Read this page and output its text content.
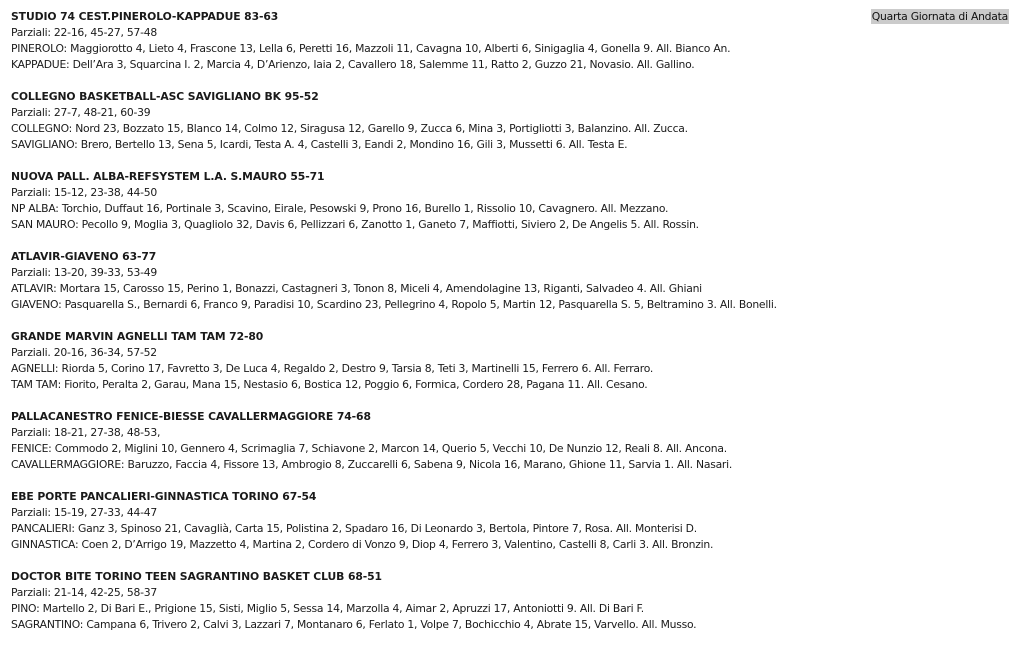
Quarta Giornata di Andata
STUDIO 74 CEST.PINEROLO-KAPPADUE 83-63
Parziali: 22-16, 45-27, 57-48
PINEROLO: Maggiorotto 4, Lieto 4, Frascone 13, Lella 6, Peretti 16, Mazzoli 11, Cavagna 10, Alberti 6, Sinigaglia 4, Gonella 9. All. Bianco An.
KAPPADUE: Dell’Ara 3, Squarcina I. 2, Marcia 4, D’Arienzo, Iaia 2, Cavallero 18, Salemme 11, Ratto 2, Guzzo 21, Novasio. All. Gallino.
COLLEGNO BASKETBALL-ASC SAVIGLIANO BK 95-52
Parziali: 27-7, 48-21, 60-39
COLLEGNO: Nord 23, Bozzato 15, Blanco 14, Colmo 12, Siragusa 12, Garello 9, Zucca 6, Mina 3, Portigliotti 3, Balanzino. All. Zucca.
SAVIGLIANO: Brero, Bertello 13, Sena 5, Icardi, Testa A. 4, Castelli 3, Eandi 2, Mondino 16, Gili 3, Mussetti 6. All. Testa E.
NUOVA PALL. ALBA-REFSYSTEM L.A. S.MAURO 55-71
Parziali: 15-12, 23-38, 44-50
NP ALBA: Torchio, Duffaut 16, Portinale 3, Scavino, Eirale, Pesowski 9, Prono 16, Burello 1, Rissolio 10, Cavagnero. All. Mezzano.
SAN MAURO: Pecollo 9, Moglia 3, Quagliolo 32, Davis 6, Pellizzari 6, Zanotto 1, Ganeto 7, Maffiotti, Siviero 2, De Angelis 5. All. Rossin.
ATLAVIR-GIAVENO 63-77
Parziali: 13-20, 39-33, 53-49
ATLAVIR: Mortara 15, Carosso 15, Perino 1, Bonazzi, Castagneri 3, Tonon 8, Miceli 4, Amendolagine 13, Riganti, Salvadeo 4. All. Ghiani
GIAVENO: Pasquarella S., Bernardi 6, Franco 9, Paradisi 10, Scardino 23, Pellegrino 4, Ropolo 5, Martin 12, Pasquarella S. 5, Beltramino 3. All. Bonelli.
GRANDE MARVIN AGNELLI TAM TAM 72-80
Parziali. 20-16, 36-34, 57-52
AGNELLI: Riorda 5, Corino 17, Favretto 3, De Luca 4, Regaldo 2, Destro 9, Tarsia 8, Teti 3, Martinelli 15, Ferrero 6. All. Ferraro.
TAM TAM: Fiorito, Peralta 2, Garau, Mana 15, Nestasio 6, Bostica 12, Poggio 6, Formica, Cordero 28, Pagana 11. All. Cesano.
PALLACANESTRO FENICE-BIESSE CAVALLERMAGGIORE 74-68
Parziali: 18-21, 27-38, 48-53,
FENICE: Commodo 2, Miglini 10, Gennero 4, Scrimaglia 7, Schiavone 2, Marcon 14, Querio 5, Vecchi 10, De Nunzio 12, Reali 8. All. Ancona.
CAVALLERMAGGIORE: Baruzzo, Faccia 4, Fissore 13, Ambrogio 8, Zuccarelli 6, Sabena 9, Nicola 16, Marano, Ghione 11, Sarvia 1. All. Nasari.
EBE PORTE PANCALIERI-GINNASTICA TORINO 67-54
Parziali: 15-19, 27-33, 44-47
PANCALIERI: Ganz 3, Spinoso 21, Cavaglià, Carta 15, Polistina 2, Spadaro 16, Di Leonardo 3, Bertola, Pintore 7, Rosa. All. Monterisi D.
GINNASTICA: Coen 2, D’Arrigo 19, Mazzetto 4, Martina 2, Cordero di Vonzo 9, Diop 4, Ferrero 3, Valentino, Castelli 8, Carli 3. All. Bronzin.
DOCTOR BITE TORINO TEEN SAGRANTINO BASKET CLUB 68-51
Parziali: 21-14, 42-25, 58-37
PINO: Martello 2, Di Bari E., Prigione 15, Sisti, Miglio 5, Sessa 14, Marzolla 4, Aimar 2, Apruzzi 17, Antoniotti 9. All. Di Bari F.
SAGRANTINO: Campana 6, Trivero 2, Calvi 3, Lazzari 7, Montanaro 6, Ferlato 1, Volpe 7, Bochicchio 4, Abrate 15, Varvello. All. Musso.
